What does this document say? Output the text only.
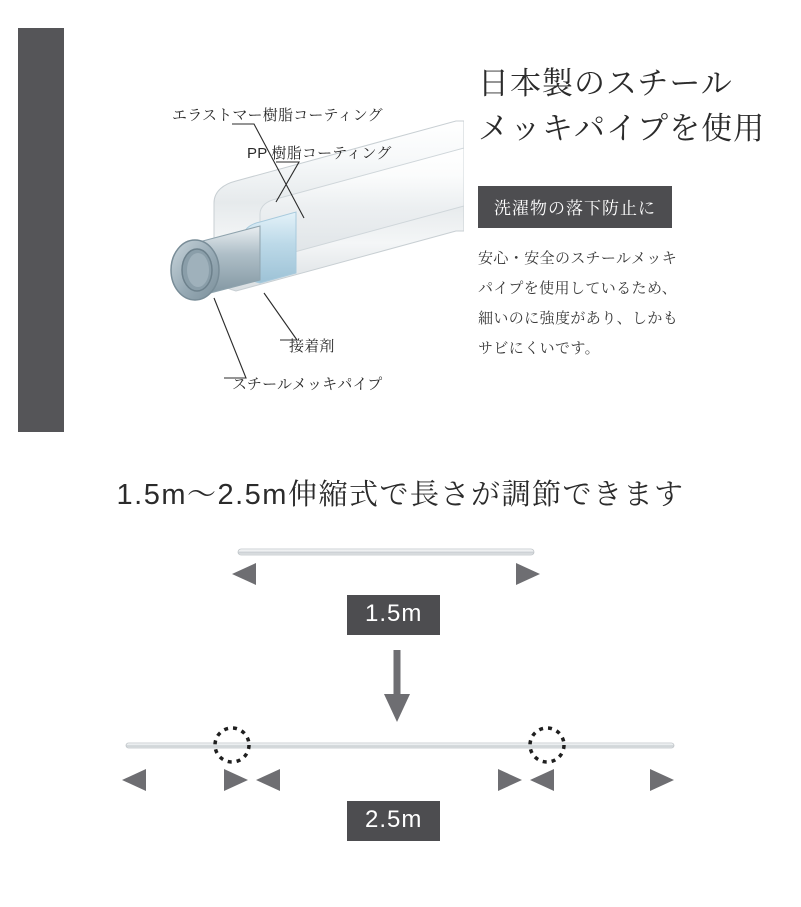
エラストマー樹脂コーティング
PP 樹脂コーティング
接着剤
スチールメッキパイプ
日本製のスチール
メッキパイプを使用
洗濯物の落下防止に
安心・安全のスチールメッキ
パイプを使用しているため、
細いのに強度があり、しかも
サビにくいです。
1.5m〜2.5m伸縮式で長さが調節できます
1.5m
2.5m
